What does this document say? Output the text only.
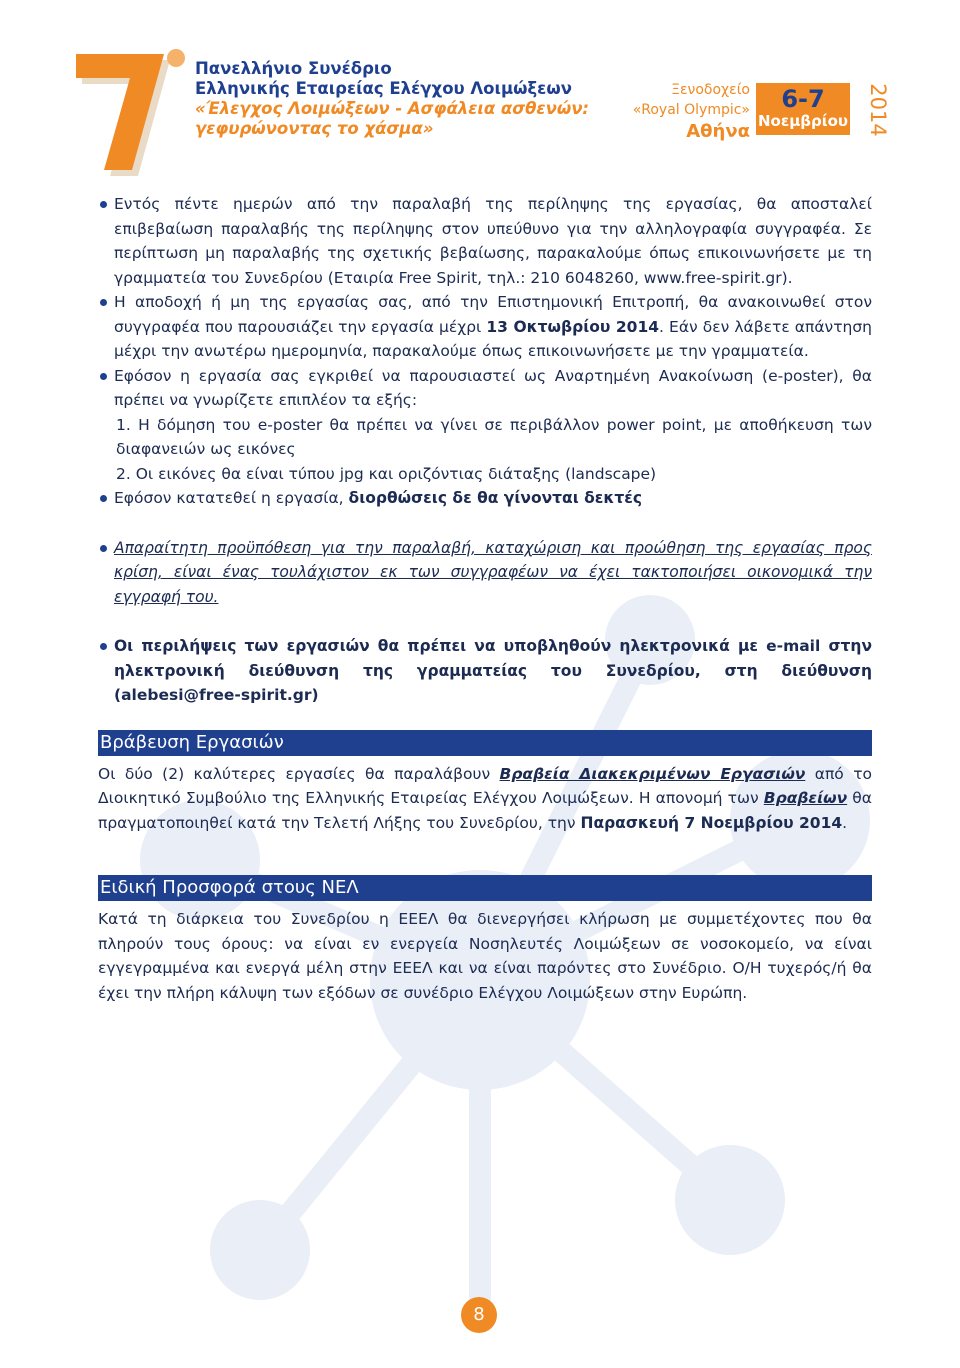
Πανελλήνιο Συνέδριο
Ελληνικής Εταιρείας Ελέγχου Λοιμώξεων
«Έλεγχος Λοιμώξεων - Ασφάλεια ασθενών:
γεφυρώνοντας το χάσμα»
Ξενοδοχείο
«Royal Olympic»
Αθήνα
6-7
Νοεμβρίου 2014
Εντός πέντε ημερών από την παραλαβή της περίληψης της εργασίας, θα αποσταλεί επιβεβαίωση παραλαβής της περίληψης στον υπεύθυνο για την αλληλογραφία συγγραφέα. Σε περίπτωση μη παραλαβής της σχετικής βεβαίωσης, παρακαλούμε όπως επικοινωνήσετε με τη γραμματεία του Συνεδρίου (Εταιρία Free Spirit, τηλ.: 210 6048260, www.free-spirit.gr).
Η αποδοχή ή μη της εργασίας σας, από την Επιστημονική Επιτροπή, θα ανακοινωθεί στον συγγραφέα που παρουσιάζει την εργασία μέχρι 13 Οκτωβρίου 2014. Εάν δεν λάβετε απάντηση μέχρι την ανωτέρω ημερομηνία, παρακαλούμε όπως επικοινωνήσετε με την γραμματεία.
Εφόσον η εργασία σας εγκριθεί να παρουσιαστεί ως Αναρτημένη Ανακοίνωση (e-poster), θα πρέπει να γνωρίζετε επιπλέον τα εξής:
1. Η δόμηση του e-poster θα πρέπει να γίνει σε περιβάλλον power point, με αποθήκευση των διαφανειών ως εικόνες
2. Οι εικόνες θα είναι τύπου jpg και οριζόντιας διάταξης (landscape)
Εφόσον κατατεθεί η εργασία, διορθώσεις δε θα γίνονται δεκτές
Απαραίτητη προϋπόθεση για την παραλαβή, καταχώριση και προώθηση της εργασίας προς κρίση, είναι ένας τουλάχιστον εκ των συγγραφέων να έχει τακτοποιήσει οικονομικά την εγγραφή του.
Οι περιλήψεις των εργασιών θα πρέπει να υποβληθούν ηλεκτρονικά με e-mail στην ηλεκτρονική διεύθυνση της γραμματείας του Συνεδρίου, στη διεύθυνση (alebesi@free-spirit.gr)
Βράβευση Εργασιών
Οι δύο (2) καλύτερες εργασίες θα παραλάβουν Βραβεία Διακεκριμένων Εργασιών από το Διοικητικό Συμβούλιο της Ελληνικής Εταιρείας Ελέγχου Λοιμώξεων. Η απονομή των Βραβείων θα πραγματοποιηθεί κατά την Τελετή Λήξης του Συνεδρίου, την Παρασκευή 7 Νοεμβρίου 2014.
Ειδική Προσφορά στους ΝΕΛ
Κατά τη διάρκεια του Συνεδρίου η ΕΕΕΛ θα διενεργήσει κλήρωση με συμμετέχοντες που θα πληρούν τους όρους: να είναι εν ενεργεία Νοσηλευτές Λοιμώξεων σε νοσοκομείο, να είναι εγγεγραμμένα και ενεργά μέλη στην ΕΕΕΛ και να είναι παρόντες στο Συνέδριο. Ο/Η τυχερός/ή θα έχει την πλήρη κάλυψη των εξόδων σε συνέδριο Ελέγχου Λοιμώξεων στην Ευρώπη.
8
